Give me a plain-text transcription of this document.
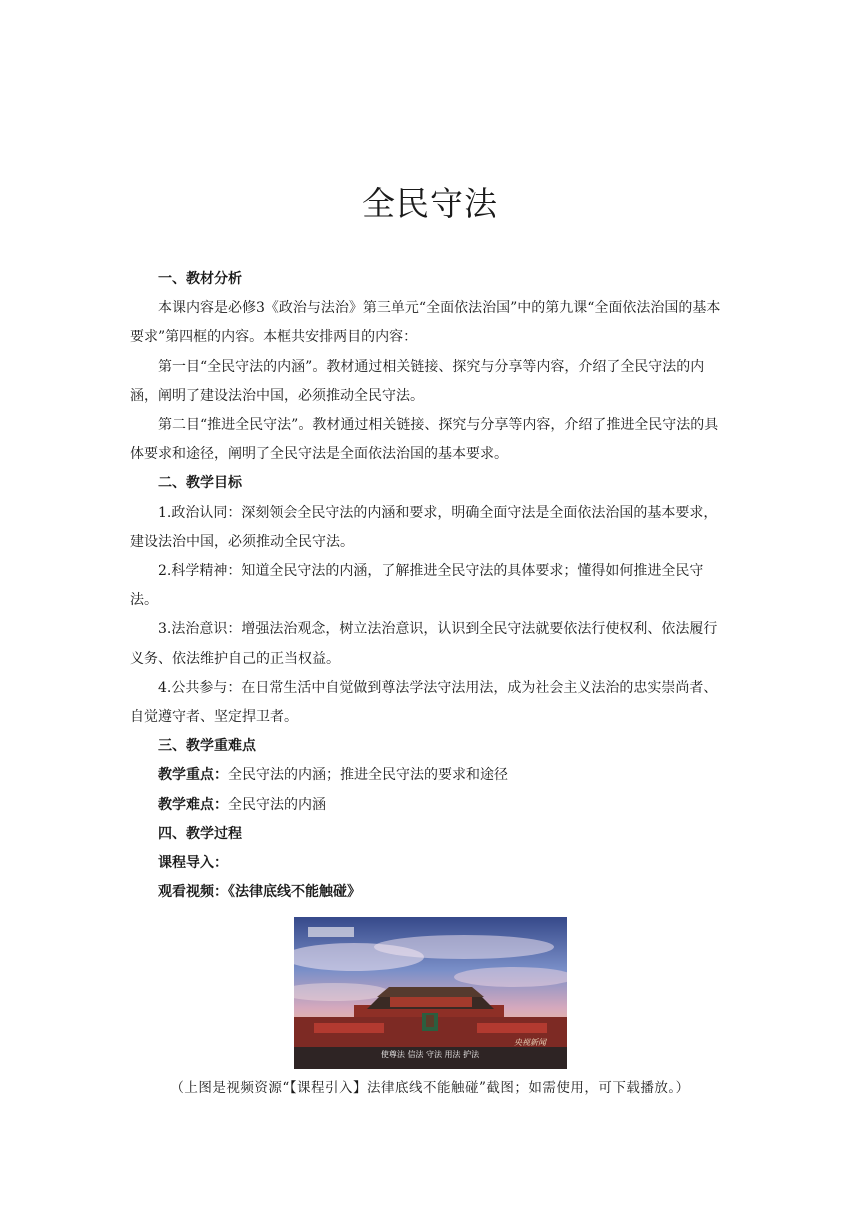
全民守法

一、教材分析

本课内容是必修3《政治与法治》第三单元“全面依法治国”中的第九课“全面依法治国的基本要求”第四框的内容。本框共安排两目的内容：

第一目“全民守法的内涵”。教材通过相关链接、探究与分享等内容，介绍了全民守法的内涵，阐明了建设法治中国，必须推动全民守法。

第二目“推进全民守法”。教材通过相关链接、探究与分享等内容，介绍了推进全民守法的具体要求和途径，阐明了全民守法是全面依法治国的基本要求。

二、教学目标

1.政治认同：深刻领会全民守法的内涵和要求，明确全面守法是全面依法治国的基本要求，建设法治中国，必须推动全民守法。

2.科学精神：知道全民守法的内涵，了解推进全民守法的具体要求；懂得如何推进全民守法。

3.法治意识：增强法治观念，树立法治意识，认识到全民守法就要依法行使权利、依法履行义务、依法维护自己的正当权益。

4.公共参与：在日常生活中自觉做到尊法学法守法用法，成为社会主义法治的忠实崇尚者、自觉遵守者、坚定捍卫者。

三、教学重难点

教学重点：全民守法的内涵；推进全民守法的要求和途径

教学难点：全民守法的内涵

四、教学过程

课程导入：

观看视频：《法律底线不能触碰》

使尊法 信法 守法 用法 护法
央视新闻
（上图是视频资源“【课程引入】法律底线不能触碰”截图；如需使用，可下载播放。）
